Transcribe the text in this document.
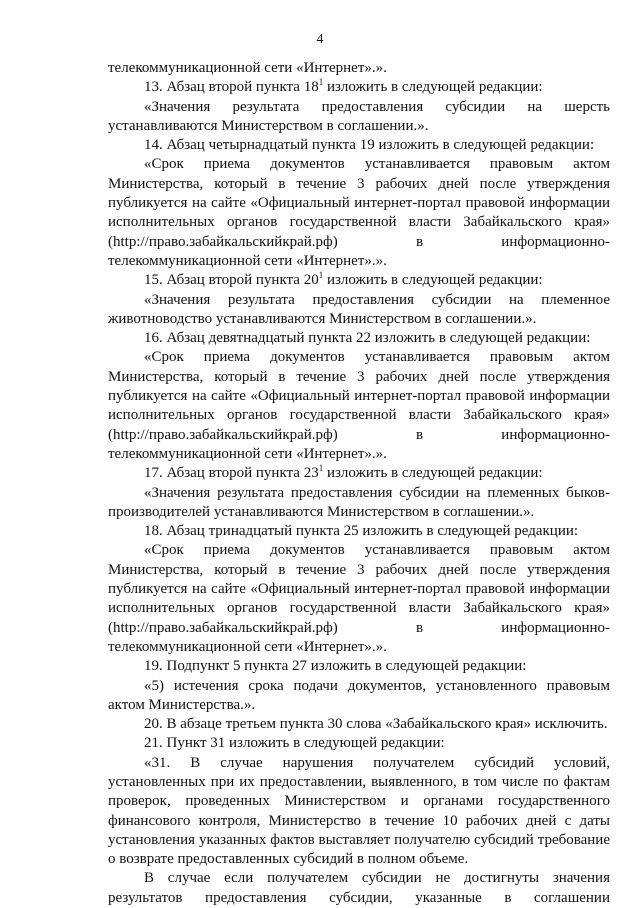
4

телекоммуникационной сети «Интернет».».

13. Абзац второй пункта $18^1$ изложить в следующей редакции:

«Значения результата предоставления субсидии на шерсть устанавливаются Министерством в соглашении.».

14. Абзац четырнадцатый пункта 19 изложить в следующей редакции:

«Срок приема документов устанавливается правовым актом Министерства, который в течение 3 рабочих дней после утверждения публикуется на сайте «Официальный интернет-портал правовой информации исполнительных органов государственной власти Забайкальского края» (http://право.забайкальскийкрай.рф) в информационно-телекоммуникационной сети «Интернет».».

15. Абзац второй пункта $20^1$ изложить в следующей редакции:

«Значения результата предоставления субсидии на племенное животноводство устанавливаются Министерством в соглашении.».

16. Абзац девятнадцатый пункта 22 изложить в следующей редакции:

«Срок приема документов устанавливается правовым актом Министерства, который в течение 3 рабочих дней после утверждения публикуется на сайте «Официальный интернет-портал правовой информации исполнительных органов государственной власти Забайкальского края» (http://право.забайкальскийкрай.рф) в информационно-телекоммуникационной сети «Интернет».».

17. Абзац второй пункта $23^1$ изложить в следующей редакции:

«Значения результата предоставления субсидии на племенных быков-производителей устанавливаются Министерством в соглашении.».

18. Абзац тринадцатый пункта 25 изложить в следующей редакции:

«Срок приема документов устанавливается правовым актом Министерства, который в течение 3 рабочих дней после утверждения публикуется на сайте «Официальный интернет-портал правовой информации исполнительных органов государственной власти Забайкальского края» (http://право.забайкальскийкрай.рф) в информационно-телекоммуникационной сети «Интернет».».

19. Подпункт 5 пункта 27 изложить в следующей редакции:

«5) истечения срока подачи документов, установленного правовым актом Министерства.».

20. В абзаце третьем пункта 30 слова «Забайкальского края» исключить.

21. Пункт 31 изложить в следующей редакции:

«31. В случае нарушения получателем субсидий условий, установленных при их предоставлении, выявленного, в том числе по фактам проверок, проведенных Министерством и органами государственного финансового контроля, Министерство в течение 10 рабочих дней с даты установления указанных фактов выставляет получателю субсидий требование о возврате предоставленных субсидий в полном объеме.

В случае если получателем субсидии не достигнуты значения результатов предоставления субсидии, указанные в соглашении
